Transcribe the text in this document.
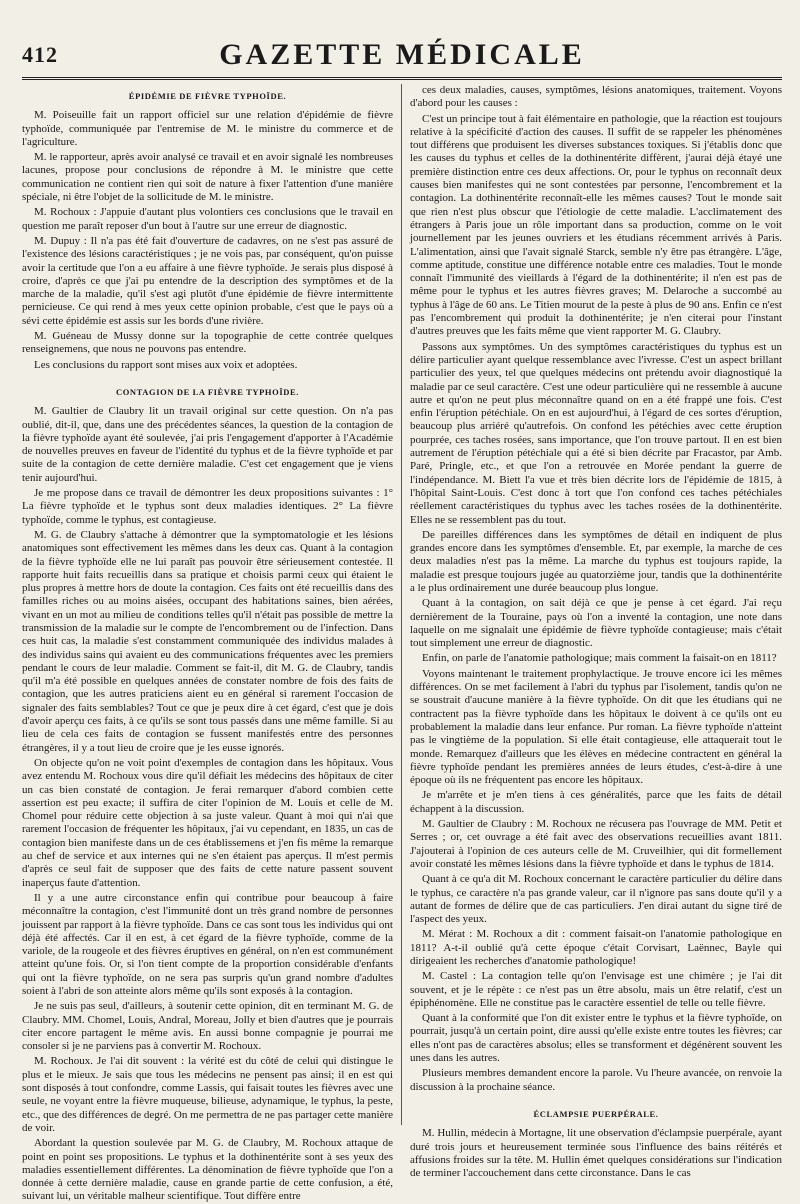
412	GAZETTE MÉDICALE
ÉPIDÉMIE DE FIÈVRE TYPHOÏDE.

M. Poiseuille fait un rapport officiel sur une relation d'épidémie de fièvre typhoïde, communiquée par l'entremise de M. le ministre du commerce et de l'agriculture.

M. le rapporteur, après avoir analysé ce travail et en avoir signalé les nombreuses lacunes, propose pour conclusions de répondre à M. le ministre que cette communication ne contient rien qui soit de nature à fixer l'attention d'une manière spéciale, ni être l'objet de la sollicitude de M. le ministre.

M. Rochoux : J'appuie d'autant plus volontiers ces conclusions que le travail en question me paraît reposer d'un bout à l'autre sur une erreur de diagnostic.

M. Dupuy : Il n'a pas été fait d'ouverture de cadavres, on ne s'est pas assuré de l'existence des lésions caractéristiques ; je ne vois pas, par conséquent, qu'on puisse avoir la certitude que l'on a eu affaire à une fièvre typhoïde. Je serais plus disposé à croire, d'après ce que j'ai pu entendre de la description des symptômes et de la marche de la maladie, qu'il s'est agi plutôt d'une épidémie de fièvre intermittente pernicieuse. Ce qui rend à mes yeux cette opinion probable, c'est que le pays où a sévi cette épidémie est assis sur les bords d'une rivière.

M. Guéneau de Mussy donne sur la topographie de cette contrée quelques renseignemens, que nous ne pouvons pas entendre.

Les conclusions du rapport sont mises aux voix et adoptées.

CONTAGION DE LA FIÈVRE TYPHOÏDE.

M. Gaultier de Claubry lit un travail original sur cette question. On n'a pas oublié, dit-il, que, dans une des précédentes séances, la question de la contagion de la fièvre typhoïde ayant été soulevée, j'ai pris l'engagement d'apporter à l'Académie de nouvelles preuves en faveur de l'identité du typhus et de la fièvre typhoïde et par suite de la contagion de cette dernière maladie. C'est cet engagement que je viens tenir aujourd'hui.

Je me propose dans ce travail de démontrer les deux propositions suivantes : 1° La fièvre typhoïde et le typhus sont deux maladies identiques. 2° La fièvre typhoïde, comme le typhus, est contagieuse.

M. G. de Claubry s'attache à démontrer que la symptomatologie et les lésions anatomiques sont effectivement les mêmes dans les deux cas. Quant à la contagion de la fièvre typhoïde elle ne lui paraît pas pouvoir être sérieusement contestée. Il rapporte huit faits recueillis dans sa pratique et choisis parmi ceux qui étaient le plus propres à mettre hors de doute la contagion. Ces faits ont été recueillis dans des familles riches ou au moins aisées, occupant des habitations saines, bien aérées, vivant en un mot au milieu de conditions telles qu'il n'était pas possible de mettre la transmission de la maladie sur le compte de l'encombrement ou de l'infection. Dans ces huit cas, la maladie s'est constamment communiquée des individus malades à des individus sains qui avaient eu des communications fréquentes avec les premiers pendant le cours de leur maladie. Comment se fait-il, dit M. G. de Claubry, tandis qu'il m'a été possible en quelques années de constater nombre de fois des faits de contagion, que les autres praticiens aient eu en général si rarement l'occasion de signaler des faits semblables? Tout ce que je peux dire à cet égard, c'est que je dois d'avoir aperçu ces faits, à ce qu'ils se sont tous passés dans une même famille. Si au lieu de cela ces faits de contagion se fussent manifestés entre des personnes étrangères, il y a tout lieu de croire que je les eusse ignorés.

On objecte qu'on ne voit point d'exemples de contagion dans les hôpitaux. Vous avez entendu M. Rochoux vous dire qu'il défiait les médecins des hôpitaux de citer un cas bien constaté de contagion. Je ferai remarquer d'abord combien cette assertion est peu exacte; il suffira de citer l'opinion de M. Louis et celle de M. Chomel pour réduire cette objection à sa juste valeur. Quant à moi qui n'ai que rarement l'occasion de fréquenter les hôpitaux, j'ai vu cependant, en 1835, un cas de contagion bien manifeste dans un de ces établissemens et j'en fis même la remarque au chef de service et aux internes qui ne s'en étaient pas aperçus. Il m'est permis d'après ce seul fait de supposer que des faits de cette nature passent souvent inaperçus faute d'attention.

Il y a une autre circonstance enfin qui contribue pour beaucoup à faire méconnaître la contagion, c'est l'immunité dont un très grand nombre de personnes jouissent par rapport à la fièvre typhoïde. Dans ce cas sont tous les individus qui ont déjà été affectés. Car il en est, à cet égard de la fièvre typhoïde, comme de la variole, de la rougeole et des fièvres éruptives en général, on n'en est communément atteint qu'une fois. Or, si l'on tient compte de la proportion considérable d'enfants qui ont la fièvre typhoïde, on ne sera pas surpris qu'un grand nombre d'adultes soient à l'abri de son atteinte alors même qu'ils sont exposés à la contagion.

Je ne suis pas seul, d'ailleurs, à soutenir cette opinion, dit en terminant M. G. de Claubry. MM. Chomel, Louis, Andral, Moreau, Jolly et bien d'autres que je pourrais citer encore partagent le même avis. En aussi bonne compagnie je pourrai me consoler si je ne parviens pas à convertir M. Rochoux.

M. Rochoux. Je l'ai dit souvent : la vérité est du côté de celui qui distingue le plus et le mieux. Je sais que tous les médecins ne pensent pas ainsi; il en est qui sont disposés à tout confondre, comme Lassis, qui faisait toutes les fièvres avec une seule, ne voyant entre la fièvre muqueuse, bilieuse, adynamique, le typhus, la peste, etc., que des différences de degré. On me permettra de ne pas partager cette manière de voir.

Abordant la question soulevée par M. G. de Claubry, M. Rochoux attaque de point en point ses propositions. Le typhus et la dothinentérite sont à ses yeux des maladies essentiellement différentes. La dénomination de fièvre typhoïde que l'on a donnée à cette dernière maladie, cause en grande partie de cette confusion, a été, suivant lui, un véritable malheur scientifique. Tout diffère entre

ces deux maladies, causes, symptômes, lésions anatomiques, traitement. Voyons d'abord pour les causes :

C'est un principe tout à fait élémentaire en pathologie, que la réaction est toujours relative à la spécificité d'action des causes. Il suffit de se rappeler les phénomènes tout différens que produisent les diverses substances toxiques. Si j'établis donc que les causes du typhus et celles de la dothinentérite diffèrent, j'aurai déjà étayé une première distinction entre ces deux affections. Or, pour le typhus on reconnaît deux causes bien manifestes qui ne sont contestées par personne, l'encombrement et la contagion. La dothinentérite reconnaît-elle les mêmes causes? Tout le monde sait que rien n'est plus obscur que l'étiologie de cette maladie. L'acclimatement des étrangers à Paris joue un rôle important dans sa production, comme on le voit journellement par les jeunes ouvriers et les étudians récemment arrivés à Paris. L'alimentation, ainsi que l'avait signalé Starck, semble n'y être pas étrangère. L'âge, comme aptitude, constitue une différence notable entre ces maladies. Tout le monde connaît l'immunité des vieillards à l'égard de la dothinentérite; il n'en est pas de même pour le typhus et les autres fièvres graves; M. Delaroche a succombé au typhus à l'âge de 60 ans. Le Titien mourut de la peste à plus de 90 ans. Enfin ce n'est pas l'encombrement qui produit la dothinentérite; je n'en citerai pour l'instant d'autres preuves que les faits même que vient rapporter M. G. Claubry.

Passons aux symptômes. Un des symptômes caractéristiques du typhus est un délire particulier ayant quelque ressemblance avec l'ivresse. C'est un aspect brillant particulier des yeux, tel que quelques médecins ont prétendu avoir diagnostiqué la maladie par ce seul caractère. C'est une odeur particulière qui ne ressemble à aucune autre et qu'on ne peut plus méconnaître quand on en a été frappé une fois. C'est enfin l'éruption pétéchiale. On en est aujourd'hui, à l'égard de ces sortes d'éruption, beaucoup plus arriéré qu'autrefois. On confond les pétéchies avec cette éruption pourprée, ces taches rosées, sans importance, que l'on trouve partout. Il en est bien autrement de l'éruption pétéchiale qui a été si bien décrite par Fracastor, par Amb. Paré, Pringle, etc., et que l'on a retrouvée en Morée pendant la guerre de l'indépendance. M. Biett l'a vue et très bien décrite lors de l'épidémie de 1815, à l'hôpital Saint-Louis. C'est donc à tort que l'on confond ces taches pétéchiales réellement caractéristiques du typhus avec les taches rosées de la dothinentérite. Elles ne se ressemblent pas du tout.

De pareilles différences dans les symptômes de détail en indiquent de plus grandes encore dans les symptômes d'ensemble. Et, par exemple, la marche de ces deux maladies n'est pas la même. La marche du typhus est toujours rapide, la maladie est presque toujours jugée au quatorzième jour, tandis que la dothinentérite a le plus ordinairement une durée beaucoup plus longue.

Quant à la contagion, on sait déjà ce que je pense à cet égard. J'ai reçu dernièrement de la Touraine, pays où l'on a inventé la contagion, une note dans laquelle on me signalait une épidémie de fièvre typhoïde contagieuse; mais c'était tout simplement une erreur de diagnostic.

Enfin, on parle de l'anatomie pathologique; mais comment la faisait-on en 1811?

Voyons maintenant le traitement prophylactique. Je trouve encore ici les mêmes différences. On se met facilement à l'abri du typhus par l'isolement, tandis qu'on ne se soustrait d'aucune manière à la fièvre typhoïde. On dit que les étudians qui ne contractent pas la fièvre typhoïde dans les hôpitaux le doivent à ce qu'ils ont eu probablement la maladie dans leur enfance. Pur roman. La fièvre typhoïde n'atteint pas le vingtième de la population. Si elle était contagieuse, elle attaquerait tout le monde. Remarquez d'ailleurs que les élèves en médecine contractent en général la fièvre typhoïde pendant les premières années de leurs études, c'est-à-dire à une époque où ils ne fréquentent pas encore les hôpitaux.

Je m'arrête et je m'en tiens à ces généralités, parce que les faits de détail échappent à la discussion.

M. Gaultier de Claubry : M. Rochoux ne récusera pas l'ouvrage de MM. Petit et Serres ; or, cet ouvrage a été fait avec des observations recueillies avant 1811. J'ajouterai à l'opinion de ces auteurs celle de M. Cruveilhier, qui dit formellement avoir constaté les mêmes lésions dans la fièvre typhoïde et dans le typhus de 1814.

Quant à ce qu'a dit M. Rochoux concernant le caractère particulier du délire dans le typhus, ce caractère n'a pas grande valeur, car il n'ignore pas sans doute qu'il y a autant de formes de délire que de cas particuliers. J'en dirai autant du signe tiré de l'aspect des yeux.

M. Mérat : M. Rochoux a dit : comment faisait-on l'anatomie pathologique en 1811? A-t-il oublié qu'à cette époque c'était Corvisart, Laënnec, Bayle qui dirigeaient les recherches d'anatomie pathologique!

M. Castel : La contagion telle qu'on l'envisage est une chimère ; je l'ai dit souvent, et je le répète : ce n'est pas un être absolu, mais un être relatif, c'est un épiphénomène. Elle ne constitue pas le caractère essentiel de telle ou telle fièvre.

Quant à la conformité que l'on dit exister entre le typhus et la fièvre typhoïde, on pourrait, jusqu'à un certain point, dire aussi qu'elle existe entre toutes les fièvres; car elles n'ont pas de caractères absolus; elles se transforment et dégénèrent souvent les unes dans les autres.

Plusieurs membres demandent encore la parole. Vu l'heure avancée, on renvoie la discussion à la prochaine séance.

ÉCLAMPSIE PUERPÉRALE.

M. Hullin, médecin à Mortagne, lit une observation d'éclampsie puerpérale, ayant duré trois jours et heureusement terminée sous l'influence des bains réitérés et affusions froides sur la tête. M. Hullin émet quelques considérations sur l'indication de terminer l'accouchement dans cette circonstance. Dans le cas
